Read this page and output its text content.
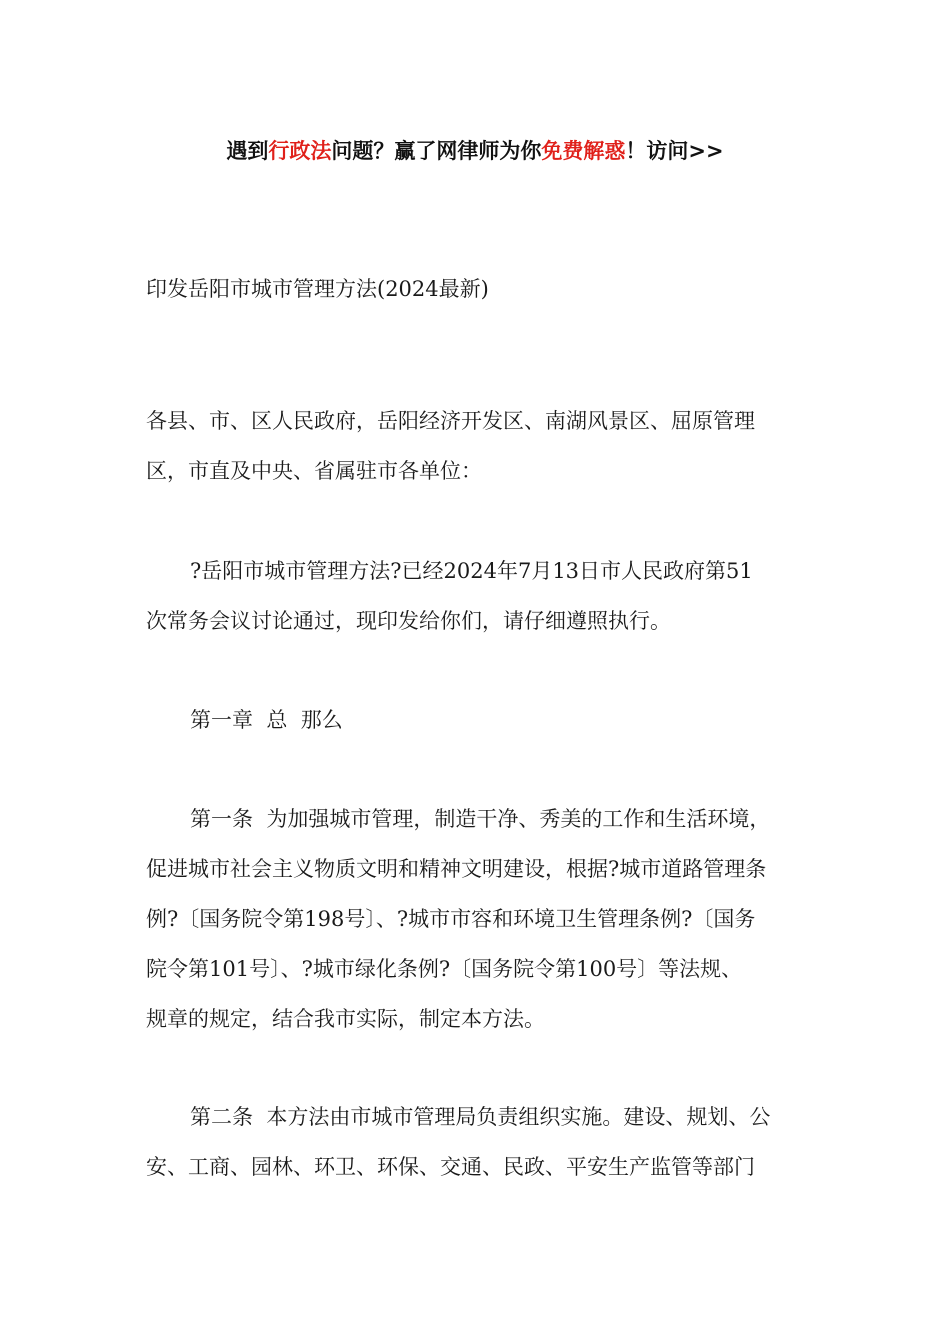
遇到行政法问题？赢了网律师为你免费解惑！访问>>
印发岳阳市城市管理方法(2024最新)

各县、市、区人民政府，岳阳经济开发区、南湖风景区、屈原管理
区，市直及中央、省属驻市各单位：

?岳阳市城市管理方法?已经2024年7月13日市人民政府第51
次常务会议讨论通过，现印发给你们，请仔细遵照执行。

第一章  总  那么

第一条  为加强城市管理，制造干净、秀美的工作和生活环境，
促进城市社会主义物质文明和精神文明建设，根据?城市道路管理条
例?〔国务院令第198号〕、?城市市容和环境卫生管理条例?〔国务
院令第101号〕、?城市绿化条例?〔国务院令第100号〕等法规、
规章的规定，结合我市实际，制定本方法。

第二条  本方法由市城市管理局负责组织实施。建设、规划、公
安、工商、园林、环卫、环保、交通、民政、平安生产监管等部门
